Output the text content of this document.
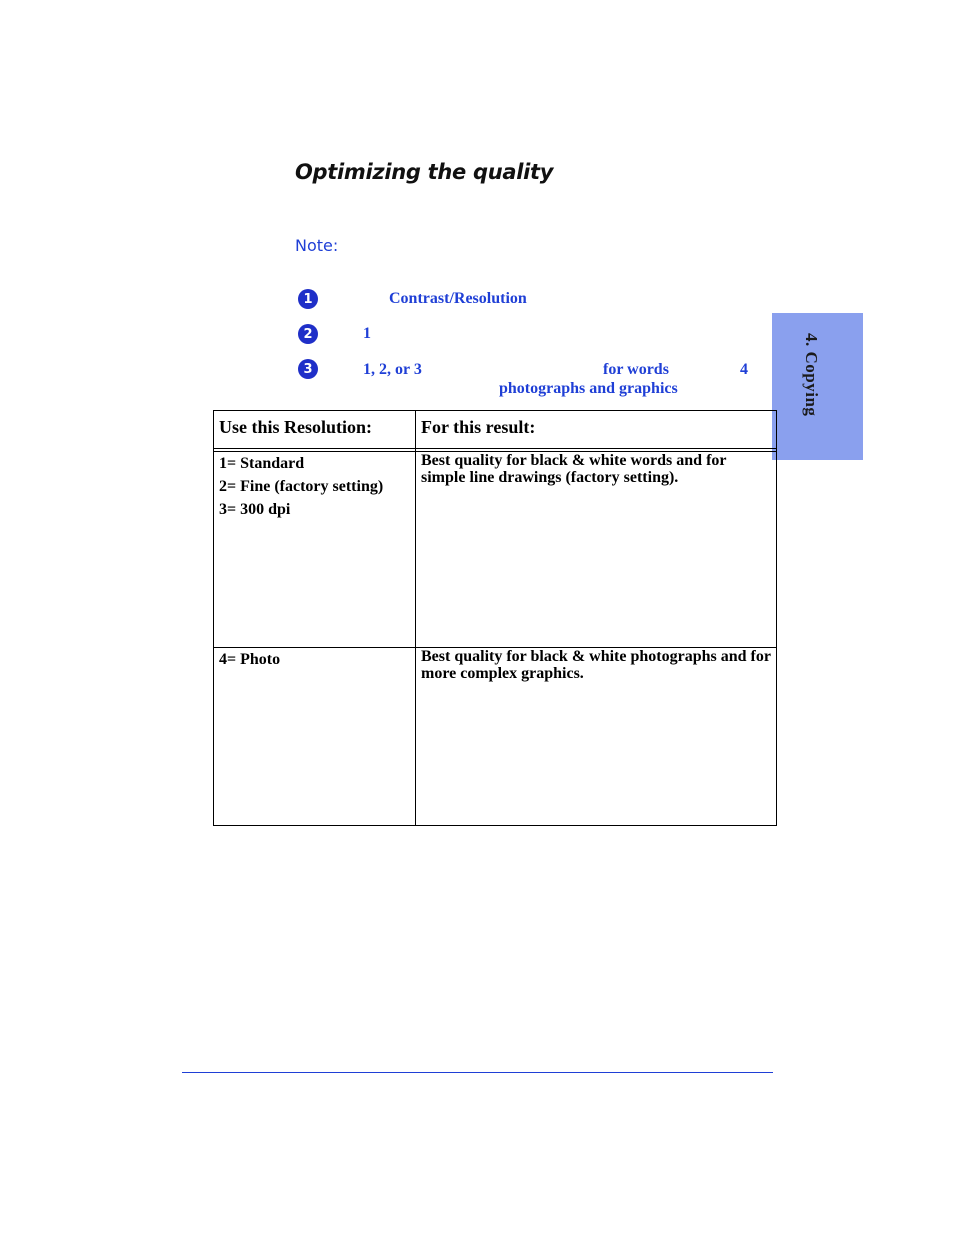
Optimizing the quality
Note:
1	Contrast/Resolution
2	1
3	1, 2, or 3	for words	4
photographs and graphics	4. Copying
Use this Resolution:	For this result:

1= Standard
2= Fine (factory setting)
3= 300 dpi	Best quality for black & white words and for simple line drawings (factory setting).

4= Photo	Best quality for black & white photographs and for more complex graphics.
